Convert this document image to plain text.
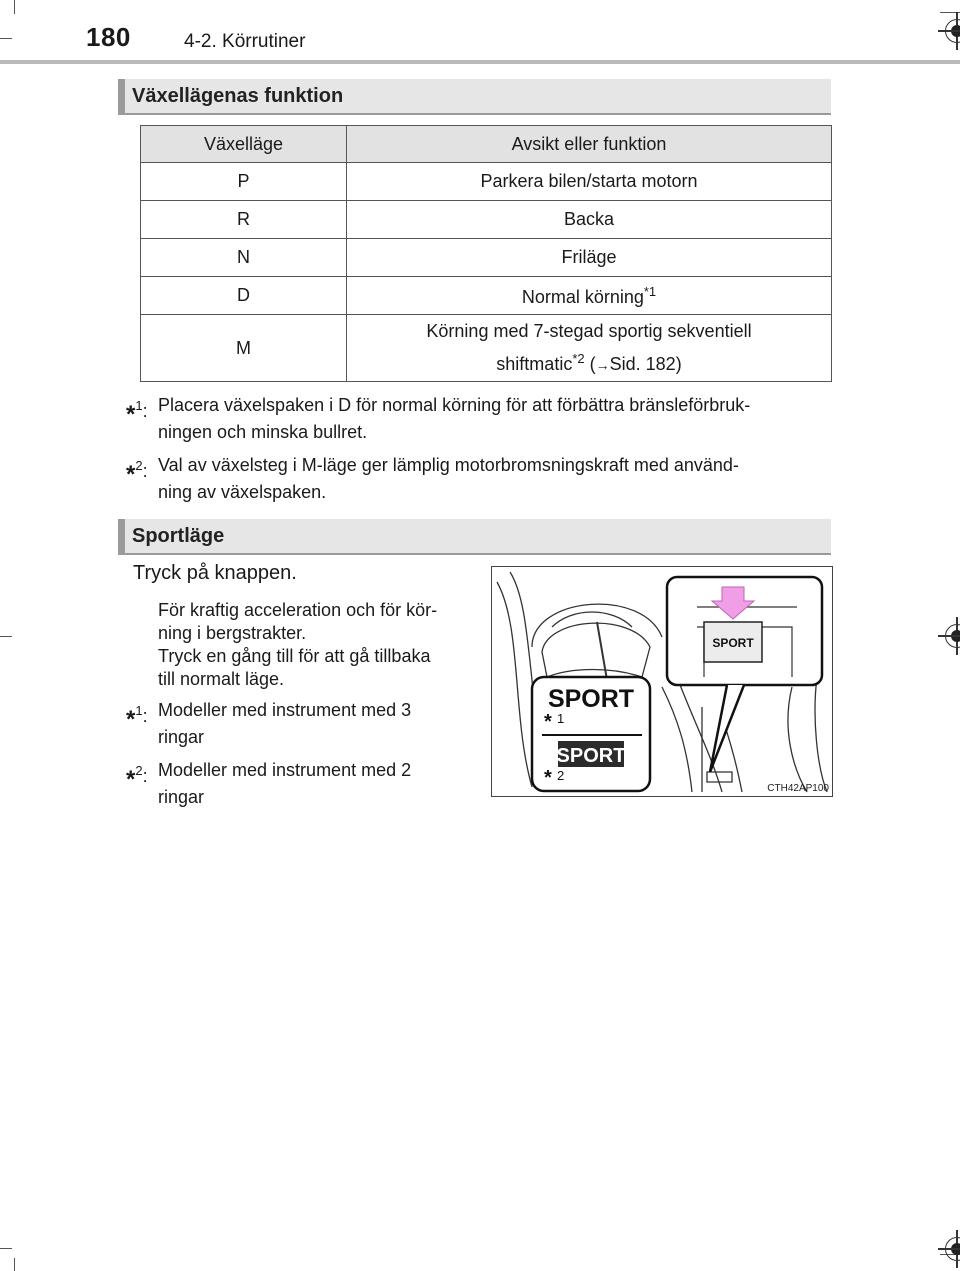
180	4-2. Körrutiner
Växellägenas funktion
Växelläge	Avsikt eller funktion
P	Parkera bilen/starta motorn
R	Backa
N	Friläge
D	Normal körning$^{*1}$
M	Körning med 7-stegad sportig sekventiell
shiftmatic$^{*2}$ (→Sid. 182)
*$^1$: Placera växelspaken i D för normal körning för att förbättra bränsleförbruk-
ningen och minska bullret.
*$^2$: Val av växelsteg i M-läge ger lämplig motorbromsningskraft med använd-
ning av växelspaken.
Sportläge
Tryck på knappen.
För kraftig acceleration och för kör-
ning i bergstrakter.
Tryck en gång till för att gå tillbaka
till normalt läge.
*$^1$: Modeller med instrument med 3
ringar
*$^2$: Modeller med instrument med 2
ringar
SPORT
SPORT
SPORT
* 1
* 2
CTH42AP100
